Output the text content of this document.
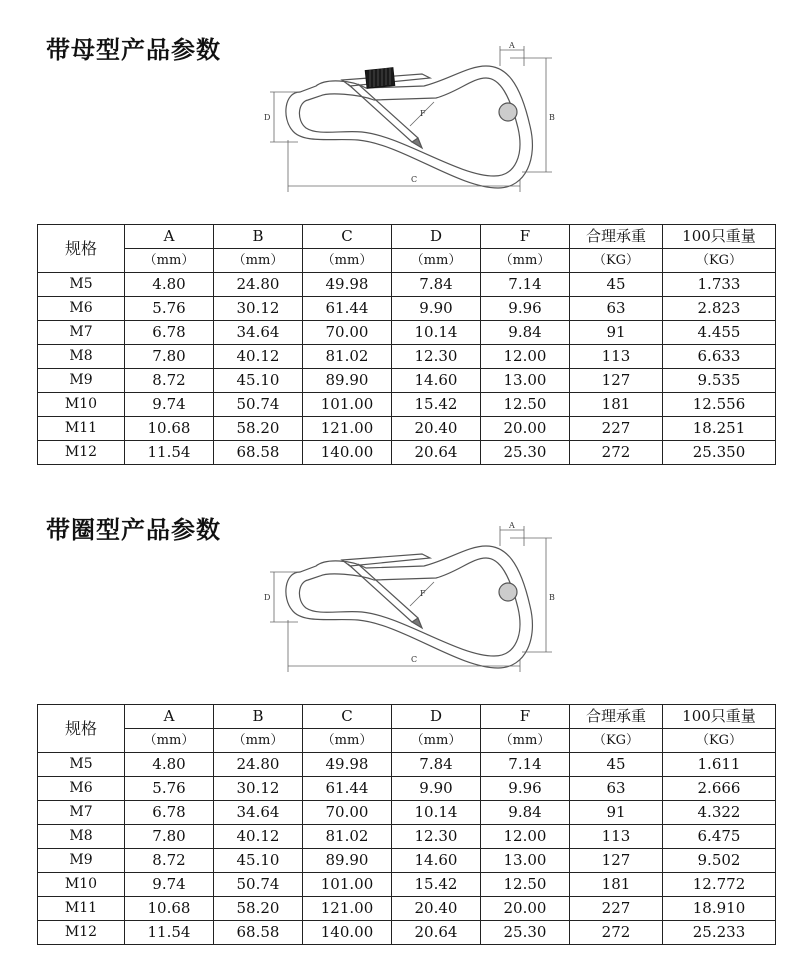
带母型产品参数
C
D	B
A
F
规格	A	B	C	D	F	合理承重	100只重量
	（mm）	（mm）	（mm）	（mm）	（mm）	（KG）	（KG）
M5	4.80	24.80	49.98	7.84	7.14	45	1.733
M6	5.76	30.12	61.44	9.90	9.96	63	2.823
M7	6.78	34.64	70.00	10.14	9.84	91	4.455
M8	7.80	40.12	81.02	12.30	12.00	113	6.633
M9	8.72	45.10	89.90	14.60	13.00	127	9.535
M10	9.74	50.74	101.00	15.42	12.50	181	12.556
M11	10.68	58.20	121.00	20.40	20.00	227	18.251
M12	11.54	68.58	140.00	20.64	25.30	272	25.350
带圈型产品参数
C
D	B
A
F
规格	A	B	C	D	F	合理承重	100只重量
	（mm）	（mm）	（mm）	（mm）	（mm）	（KG）	（KG）
M5	4.80	24.80	49.98	7.84	7.14	45	1.611
M6	5.76	30.12	61.44	9.90	9.96	63	2.666
M7	6.78	34.64	70.00	10.14	9.84	91	4.322
M8	7.80	40.12	81.02	12.30	12.00	113	6.475
M9	8.72	45.10	89.90	14.60	13.00	127	9.502
M10	9.74	50.74	101.00	15.42	12.50	181	12.772
M11	10.68	58.20	121.00	20.40	20.00	227	18.910
M12	11.54	68.58	140.00	20.64	25.30	272	25.233
